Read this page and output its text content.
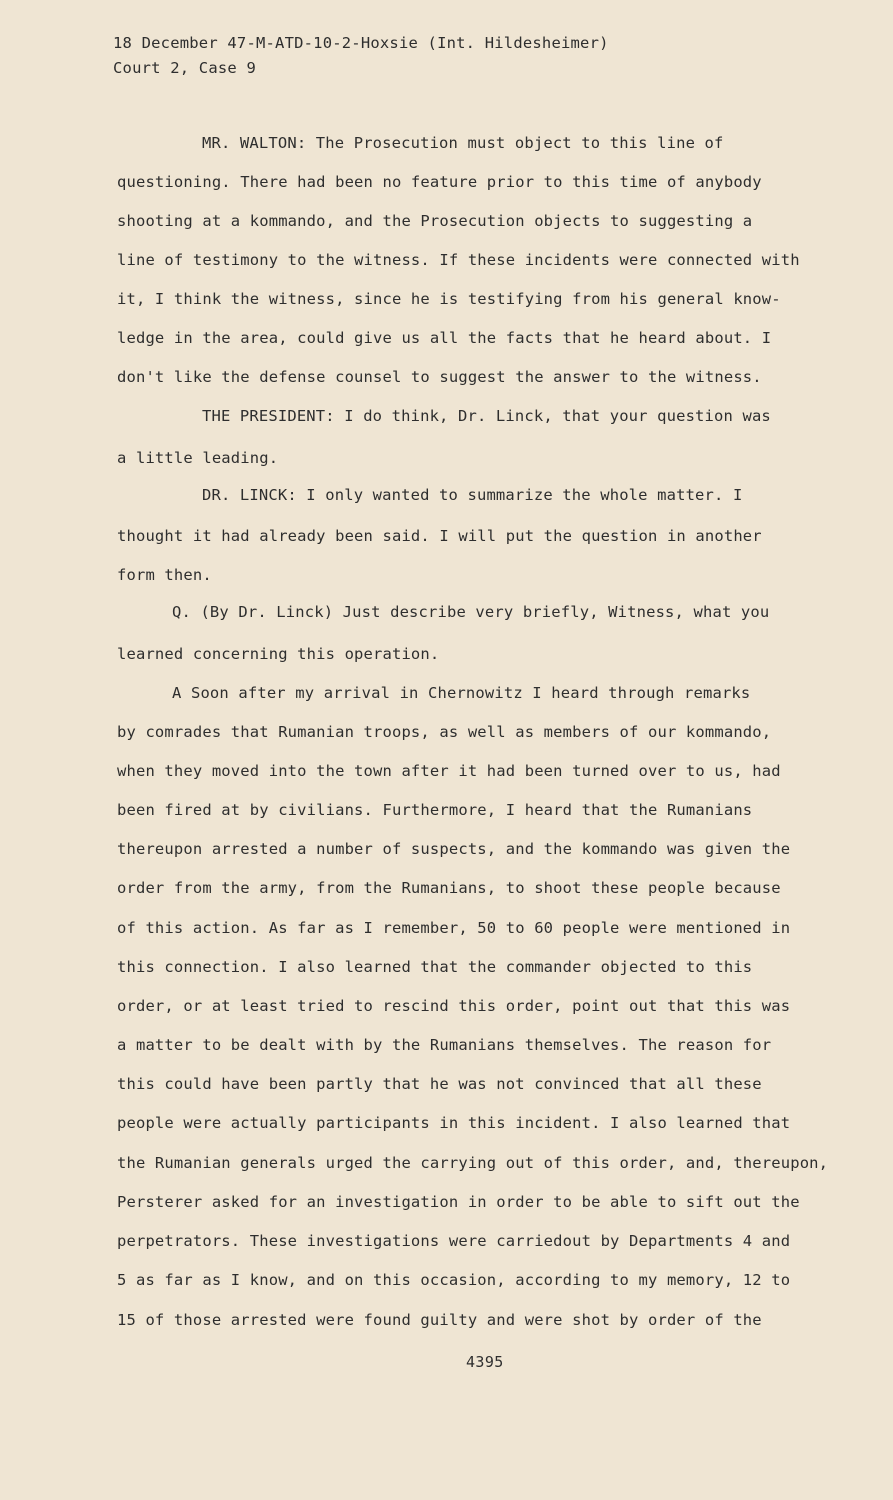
18 December 47-M-ATD-10-2-Hoxsie (Int. Hildesheimer)
Court 2, Case 9
MR. WALTON: The Prosecution must object to this line of
questioning. There had been no feature prior to this time of anybody
shooting at a kommando, and the Prosecution objects to suggesting a
line of testimony to the witness. If these incidents were connected with
it, I think the witness, since he is testifying from his general know-
ledge in the area, could give us all the facts that he heard about. I
don't like the defense counsel to suggest the answer to the witness.
THE PRESIDENT: I do think, Dr. Linck, that your question was
a little leading.
DR. LINCK: I only wanted to summarize the whole matter. I
thought it had already been said. I will put the question in another
form then.
Q. (By Dr. Linck) Just describe very briefly, Witness, what you
learned concerning this operation.
A Soon after my arrival in Chernowitz I heard through remarks
by comrades that Rumanian troops, as well as members of our kommando,
when they moved into the town after it had been turned over to us, had
been fired at by civilians. Furthermore, I heard that the Rumanians
thereupon arrested a number of suspects, and the kommando was given the
order from the army, from the Rumanians, to shoot these people because
of this action. As far as I remember, 50 to 60 people were mentioned in
this connection. I also learned that the commander objected to this
order, or at least tried to rescind this order, point out that this was
a matter to be dealt with by the Rumanians themselves. The reason for
this could have been partly that he was not convinced that all these
people were actually participants in this incident. I also learned that
the Rumanian generals urged the carrying out of this order, and, thereupon,
Persterer asked for an investigation in order to be able to sift out the
perpetrators. These investigations were carriedout by Departments 4 and
5 as far as I know, and on this occasion, according to my memory, 12 to
15 of those arrested were found guilty and were shot by order of the
4395
